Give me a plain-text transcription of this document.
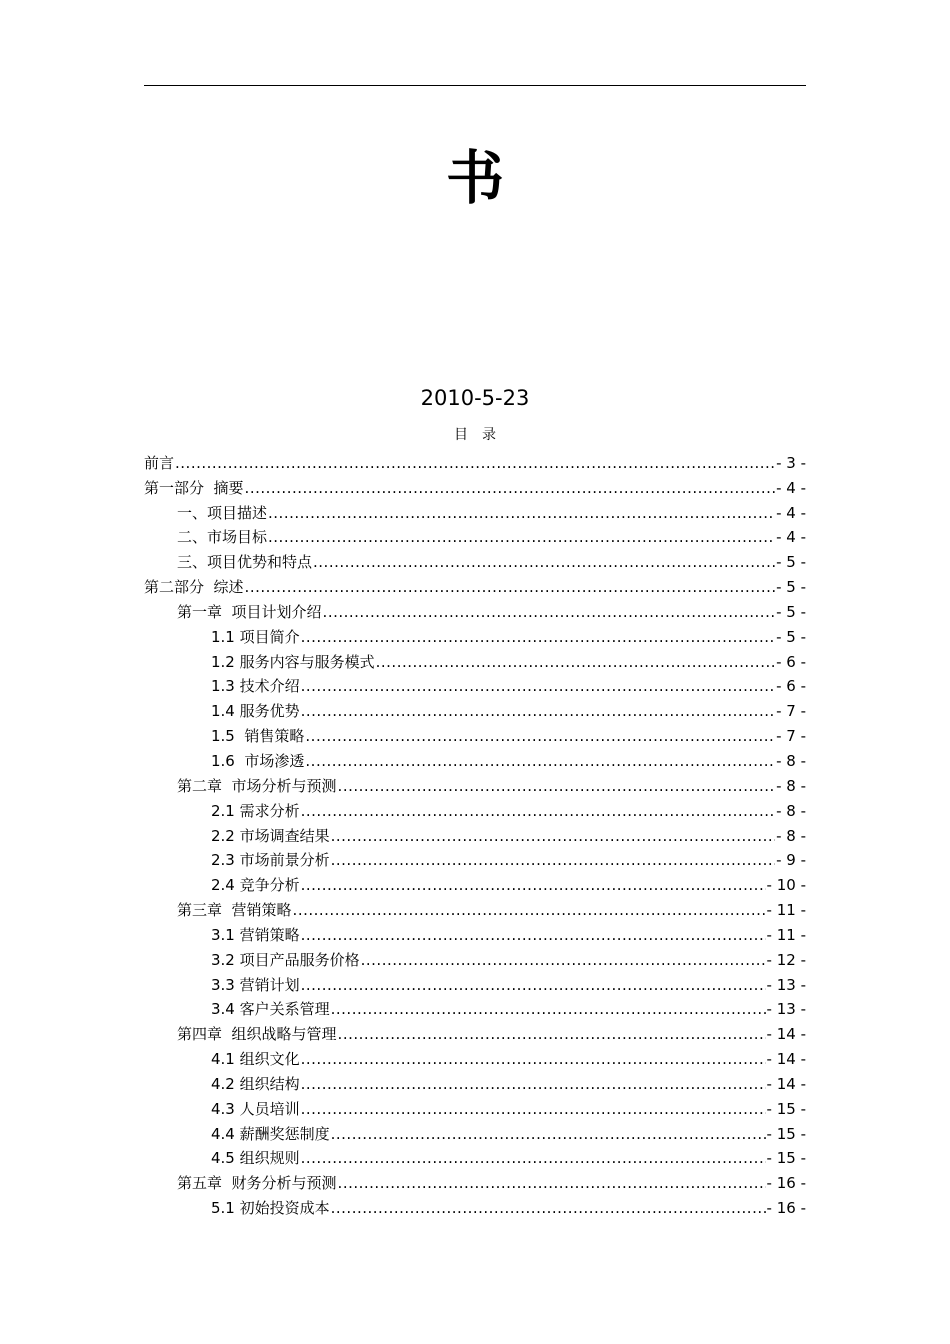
书
2010-5-23
目　录
前言 .....	- 3 -
第一部分  摘要 .....	- 4 -
一、项目描述 .....	- 4 -
二、市场目标 .....	- 4 -
三、项目优势和特点 .....	- 5 -
第二部分  综述 .....	- 5 -
第一章  项目计划介绍 .....	- 5 -
1.1 项目简介 .....	- 5 -
1.2 服务内容与服务模式 .....	- 6 -
1.3 技术介绍 .....	- 6 -
1.4 服务优势 .....	- 7 -
1.5  销售策略 .....	- 7 -
1.6  市场渗透 .....	- 8 -
第二章  市场分析与预测 .....	- 8 -
2.1 需求分析 .....	- 8 -
2.2 市场调查结果 .....	- 8 -
2.3 市场前景分析 .....	- 9 -
2.4 竞争分析 .....	- 10 -
第三章  营销策略 .....	- 11 -
3.1 营销策略 .....	- 11 -
3.2 项目产品服务价格 .....	- 12 -
3.3 营销计划 .....	- 13 -
3.4 客户关系管理 .....	- 13 -
第四章  组织战略与管理 .....	- 14 -
4.1 组织文化 .....	- 14 -
4.2 组织结构 .....	- 14 -
4.3 人员培训 .....	- 15 -
4.4 薪酬奖惩制度 .....	- 15 -
4.5 组织规则 .....	- 15 -
第五章  财务分析与预测 .....	- 16 -
5.1 初始投资成本 .....	- 16 -
